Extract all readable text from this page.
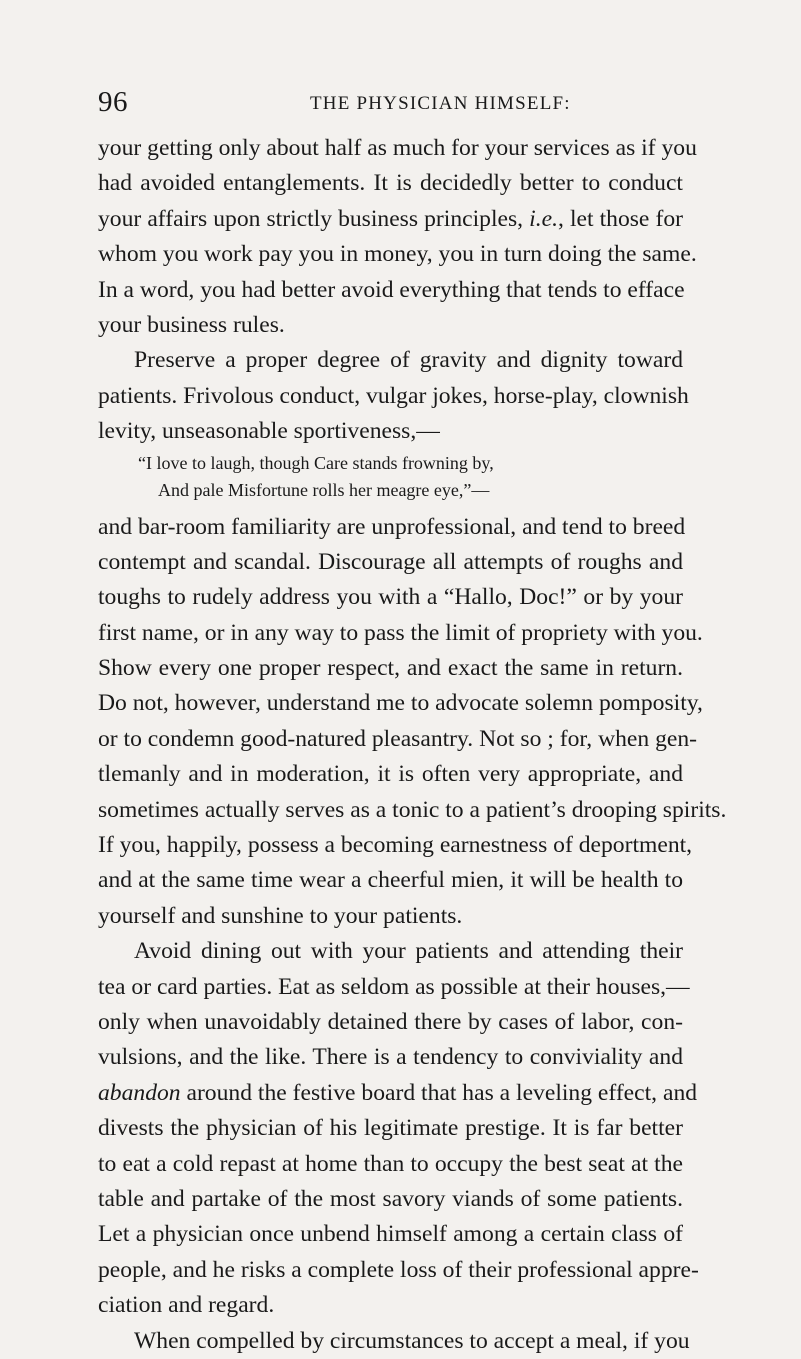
96	THE PHYSICIAN HIMSELF:
your getting only about half as much for your services as if you
had avoided entanglements. It is decidedly better to conduct
your affairs upon strictly business principles, i.e., let those for
whom you work pay you in money, you in turn doing the same.
In a word, you had better avoid everything that tends to efface
your business rules.
Preserve a proper degree of gravity and dignity toward
patients. Frivolous conduct, vulgar jokes, horse-play, clownish
levity, unseasonable sportiveness,—
“I love to laugh, though Care stands frowning by,
And pale Misfortune rolls her meagre eye,”—
and bar-room familiarity are unprofessional, and tend to breed
contempt and scandal. Discourage all attempts of roughs and
toughs to rudely address you with a “Hallo, Doc!” or by your
first name, or in any way to pass the limit of propriety with you.
Show every one proper respect, and exact the same in return.
Do not, however, understand me to advocate solemn pomposity,
or to condemn good-natured pleasantry. Not so ; for, when gen-
tlemanly and in moderation, it is often very appropriate, and
sometimes actually serves as a tonic to a patient’s drooping spirits.
If you, happily, possess a becoming earnestness of deportment,
and at the same time wear a cheerful mien, it will be health to
yourself and sunshine to your patients.
Avoid dining out with your patients and attending their
tea or card parties. Eat as seldom as possible at their houses,—
only when unavoidably detained there by cases of labor, con-
vulsions, and the like. There is a tendency to conviviality and
abandon around the festive board that has a leveling effect, and
divests the physician of his legitimate prestige. It is far better
to eat a cold repast at home than to occupy the best seat at the
table and partake of the most savory viands of some patients.
Let a physician once unbend himself among a certain class of
people, and he risks a complete loss of their professional appre-
ciation and regard.
When compelled by circumstances to accept a meal, if you
